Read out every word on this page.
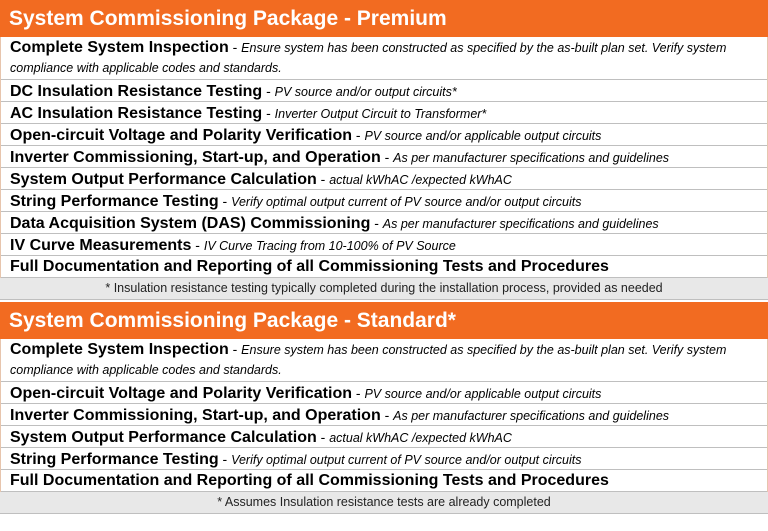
System Commissioning Package - Premium
Complete System Inspection - Ensure system has been constructed as specified by the as-built plan set. Verify system compliance with applicable codes and standards.
DC Insulation Resistance Testing - PV source and/or output circuits*
AC Insulation Resistance Testing - Inverter Output Circuit to Transformer*
Open-circuit Voltage and Polarity Verification - PV source and/or applicable output circuits
Inverter Commissioning, Start-up, and Operation - As per manufacturer specifications and guidelines
System Output Performance Calculation - actual kWhAC /expected kWhAC
String Performance Testing - Verify optimal output current of PV source and/or output circuits
Data Acquisition System (DAS) Commissioning - As per manufacturer specifications and guidelines
IV Curve Measurements - IV Curve Tracing from 10-100% of PV Source
Full Documentation and Reporting of all Commissioning Tests and Procedures
* Insulation resistance testing typically completed during the installation process, provided as needed
System Commissioning Package - Standard*
Complete System Inspection - Ensure system has been constructed as specified by the as-built plan set. Verify system compliance with applicable codes and standards.
Open-circuit Voltage and Polarity Verification - PV source and/or applicable output circuits
Inverter Commissioning, Start-up, and Operation - As per manufacturer specifications and guidelines
System Output Performance Calculation - actual kWhAC /expected kWhAC
String Performance Testing - Verify optimal output current of PV source and/or output circuits
Full Documentation and Reporting of all Commissioning Tests and Procedures
* Assumes Insulation resistance tests are already completed
